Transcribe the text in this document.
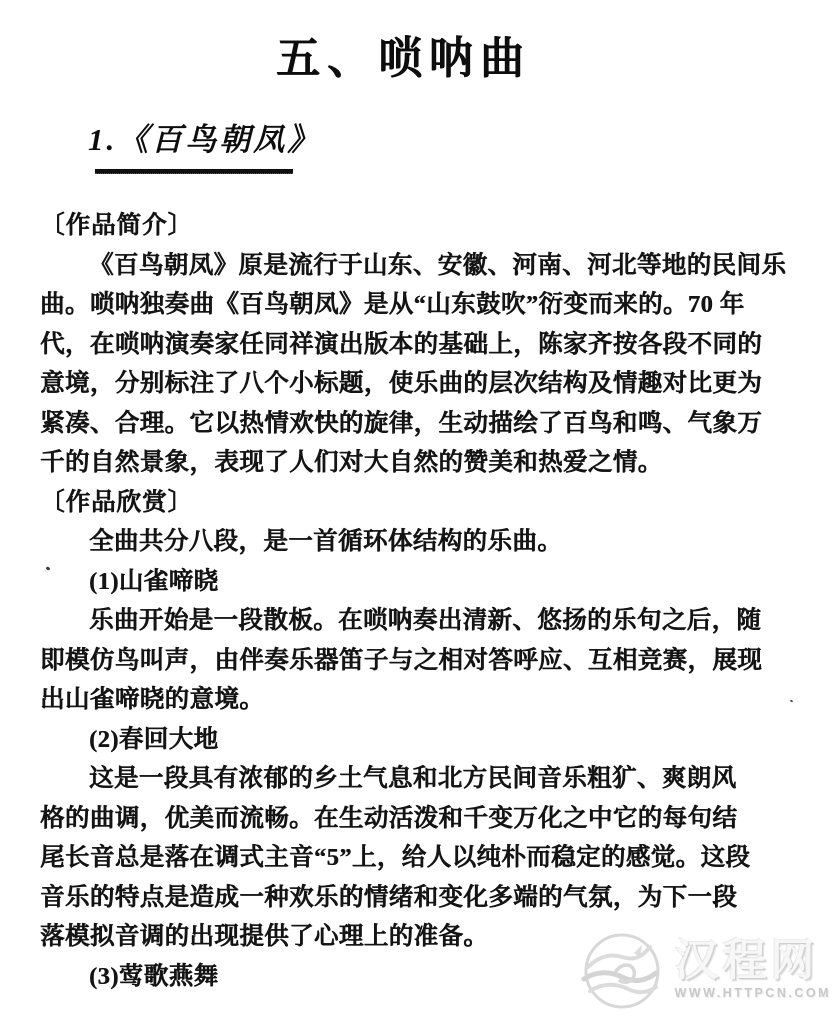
五、唢呐曲
1.《百鸟朝凤》
〔作品简介〕
《百鸟朝凤》原是流行于山东、安徽、河南、河北等地的民间乐
曲。唢呐独奏曲《百鸟朝凤》是从“山东鼓吹”衍变而来的。70 年
代，在唢呐演奏家任同祥演出版本的基础上，陈家齐按各段不同的
意境，分别标注了八个小标题，使乐曲的层次结构及情趣对比更为
紧凑、合理。它以热情欢快的旋律，生动描绘了百鸟和鸣、气象万
千的自然景象，表现了人们对大自然的赞美和热爱之情。
〔作品欣赏〕
全曲共分八段，是一首循环体结构的乐曲。
(1)山雀啼晓
乐曲开始是一段散板。在唢呐奏出清新、悠扬的乐句之后，随
即模仿鸟叫声，由伴奏乐器笛子与之相对答呼应、互相竞赛，展现
出山雀啼晓的意境。
(2)春回大地
这是一段具有浓郁的乡土气息和北方民间音乐粗犷、爽朗风
格的曲调，优美而流畅。在生动活泼和千变万化之中它的每句结
尾长音总是落在调式主音“5”上，给人以纯朴而稳定的感觉。这段
音乐的特点是造成一种欢乐的情绪和变化多端的气氛，为下一段
落模拟音调的出现提供了心理上的准备。
(3)莺歌燕舞	汉程网
WWW.HTTPCN.COM
